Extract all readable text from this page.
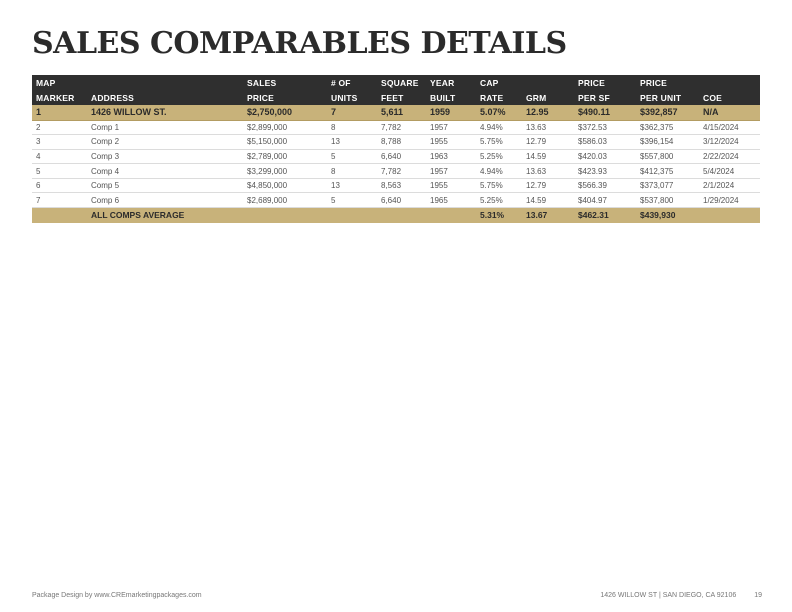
SALES COMPARABLES DETAILS
MAP		SALES	# OF	SQUARE	YEAR	CAP		PRICE	PRICE	
MARKER	ADDRESS	PRICE	UNITS	FEET	BUILT	RATE	GRM	PER SF	PER UNIT	COE
1	1426 WILLOW ST.	$2,750,000	7	5,611	1959	5.07%	12.95	$490.11	$392,857	N/A
2	Comp 1	$2,899,000	8	7,782	1957	4.94%	13.63	$372.53	$362,375	4/15/2024
3	Comp 2	$5,150,000	13	8,788	1955	5.75%	12.79	$586.03	$396,154	3/12/2024
4	Comp 3	$2,789,000	5	6,640	1963	5.25%	14.59	$420.03	$557,800	2/22/2024
5	Comp 4	$3,299,000	8	7,782	1957	4.94%	13.63	$423.93	$412,375	5/4/2024
6	Comp 5	$4,850,000	13	8,563	1955	5.75%	12.79	$566.39	$373,077	2/1/2024
7	Comp 6	$2,689,000	5	6,640	1965	5.25%	14.59	$404.97	$537,800	1/29/2024
	ALL COMPS AVERAGE					5.31%	13.67	$462.31	$439,930	
Package Design by www.CREmarketingpackages.com	1426 WILLOW ST | SAN DIEGO, CA 92106	19
